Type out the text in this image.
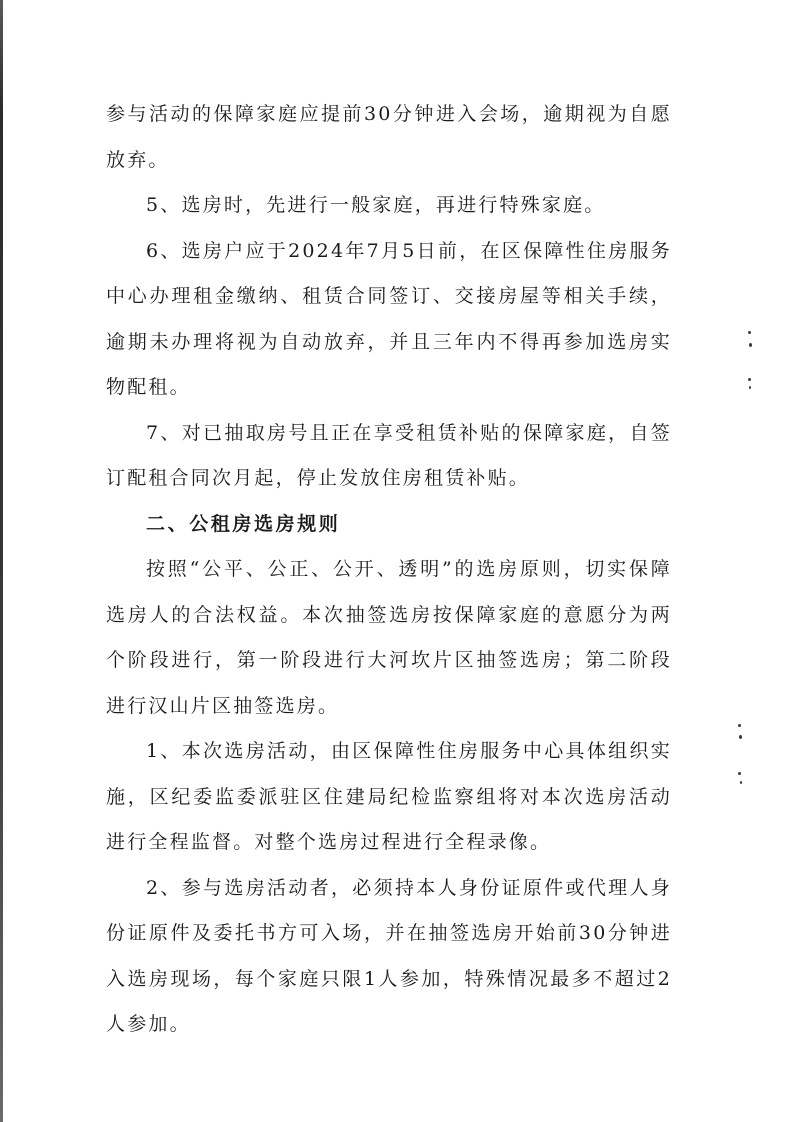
参与活动的保障家庭应提前30分钟进入会场，逾期视为自愿放弃。

5、选房时，先进行一般家庭，再进行特殊家庭。

6、选房户应于2024年7月5日前，在区保障性住房服务中心办理租金缴纳、租赁合同签订、交接房屋等相关手续，逾期未办理将视为自动放弃，并且三年内不得再参加选房实物配租。

7、对已抽取房号且正在享受租赁补贴的保障家庭，自签订配租合同次月起，停止发放住房租赁补贴。

二、公租房选房规则

按照“公平、公正、公开、透明”的选房原则，切实保障选房人的合法权益。本次抽签选房按保障家庭的意愿分为两个阶段进行，第一阶段进行大河坎片区抽签选房；第二阶段进行汉山片区抽签选房。

1、本次选房活动，由区保障性住房服务中心具体组织实施，区纪委监委派驻区住建局纪检监察组将对本次选房活动进行全程监督。对整个选房过程进行全程录像。

2、参与选房活动者，必须持本人身份证原件或代理人身份证原件及委托书方可入场，并在抽签选房开始前30分钟进入选房现场，每个家庭只限1人参加，特殊情况最多不超过2人参加。
